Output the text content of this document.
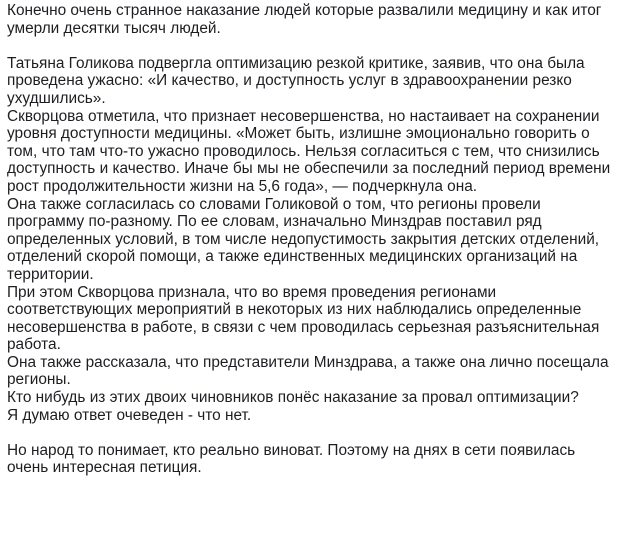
Конечно очень странное наказание людей которые развалили медицину и как итог умерли десятки тысяч людей.

Татьяна Голикова подвергла оптимизацию резкой критике, заявив, что она была проведена ужасно: «И качество, и доступность услуг в здравоохранении резко ухудшились».

Скворцова отметила, что признает несовершенства, но настаивает на сохранении уровня доступности медицины. «Может быть, излишне эмоционально говорить о том, что там что-то ужасно проводилось. Нельзя согласиться с тем, что снизились доступность и качество. Иначе бы мы не обеспечили за последний период времени рост продолжительности жизни на 5,6 года», — подчеркнула она.

Она также согласилась со словами Голиковой о том, что регионы провели программу по-разному. По ее словам, изначально Минздрав поставил ряд определенных условий, в том числе недопустимость закрытия детских отделений, отделений скорой помощи, а также единственных медицинских организаций на территории.

При этом Скворцова признала, что во время проведения регионами соответствующих мероприятий в некоторых из них наблюдались определенные несовершенства в работе, в связи с чем проводилась серьезная разъяснительная работа.

Она также рассказала, что представители Минздрава, а также она лично посещала регионы.

Кто нибудь из этих двоих чиновников понёс наказание за провал оптимизации?

Я думаю ответ очеведен - что нет.

Но народ то понимает, кто реально виноват. Поэтому на днях в сети появилась очень интересная петиция.
